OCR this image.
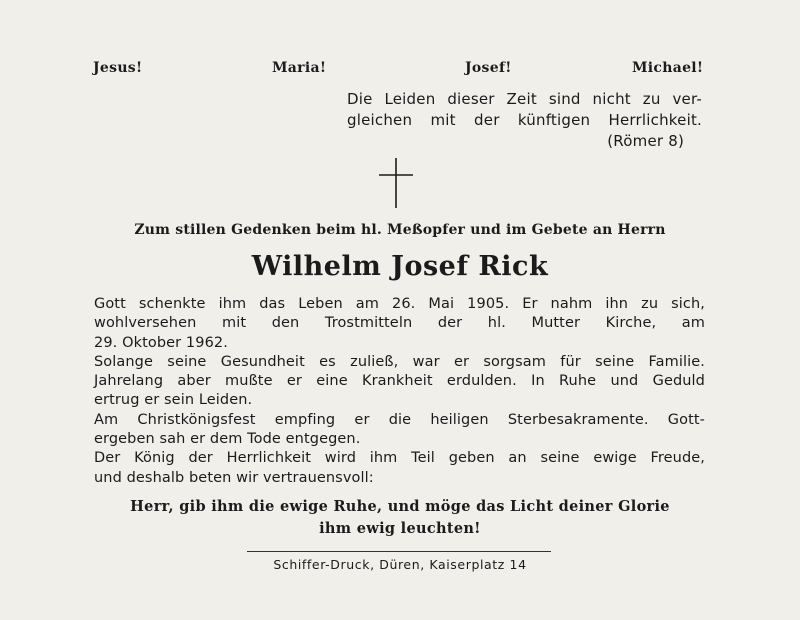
Jesus!	Maria!	Josef!	Michael!
Die Leiden dieser Zeit sind nicht zu ver-
gleichen mit der künftigen Herrlichkeit.
(Römer 8)
Zum stillen Gedenken beim hl. Meßopfer und im Gebete an Herrn
Wilhelm Josef Rick
Gott schenkte ihm das Leben am 26. Mai 1905. Er nahm ihn zu sich,
wohlversehen mit den Trostmitteln der hl. Mutter Kirche, am
29. Oktober 1962.
Solange seine Gesundheit es zuließ, war er sorgsam für seine Familie.
Jahrelang aber mußte er eine Krankheit erdulden. In Ruhe und Geduld
ertrug er sein Leiden.
Am Christkönigsfest empfing er die heiligen Sterbesakramente. Gott-
ergeben sah er dem Tode entgegen.
Der König der Herrlichkeit wird ihm Teil geben an seine ewige Freude,
und deshalb beten wir vertrauensvoll:
Herr, gib ihm die ewige Ruhe, und möge das Licht deiner Glorie
ihm ewig leuchten!
Schiffer-Druck, Düren, Kaiserplatz 14
